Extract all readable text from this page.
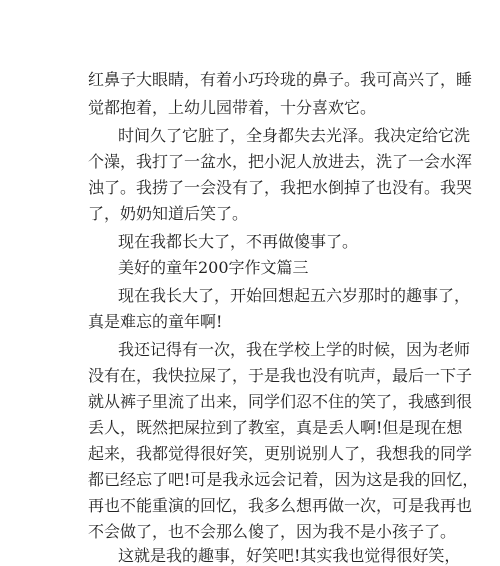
红鼻子大眼睛，有着小巧玲珑的鼻子。我可高兴了，睡
觉都抱着，上幼儿园带着，十分喜欢它。
时间久了它脏了，全身都失去光泽。我决定给它洗
个澡，我打了一盆水，把小泥人放进去，洗了一会水浑
浊了。我捞了一会没有了，我把水倒掉了也没有。我哭
了，奶奶知道后笑了。
现在我都长大了，不再做傻事了。
美好的童年200字作文篇三
现在我长大了，开始回想起五六岁那时的趣事了，
真是难忘的童年啊!
我还记得有一次，我在学校上学的时候，因为老师
没有在，我快拉屎了，于是我也没有吭声，最后一下子
就从裤子里流了出来，同学们忍不住的笑了，我感到很
丢人，既然把屎拉到了教室，真是丢人啊!但是现在想
起来，我都觉得很好笑，更别说别人了，我想我的同学
都已经忘了吧!可是我永远会记着，因为这是我的回忆，
再也不能重演的回忆，我多么想再做一次，可是我再也
不会做了，也不会那么傻了，因为我不是小孩子了。
这就是我的趣事，好笑吧!其实我也觉得很好笑，
